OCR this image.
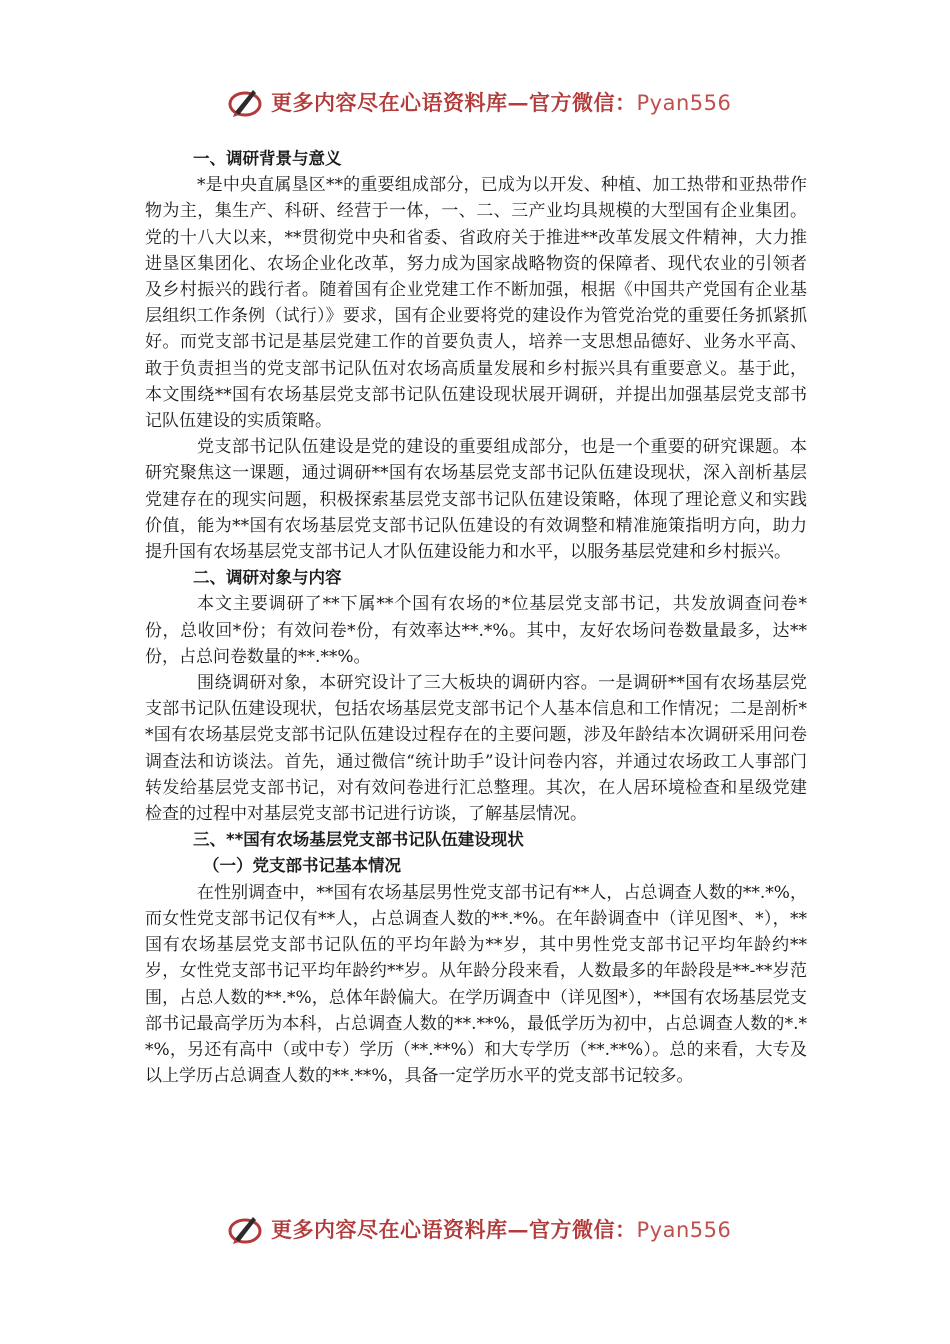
更多内容尽在心语资料库—官方微信：Pyan556
一、调研背景与意义

*是中央直属垦区**的重要组成部分，已成为以开发、种植、加工热带和亚热带作物为主，集生产、科研、经营于一体，一、二、三产业均具规模的大型国有企业集团。党的十八大以来，**贯彻党中央和省委、省政府关于推进**改革发展文件精神，大力推进垦区集团化、农场企业化改革，努力成为国家战略物资的保障者、现代农业的引领者及乡村振兴的践行者。随着国有企业党建工作不断加强，根据《中国共产党国有企业基层组织工作条例（试行）》要求，国有企业要将党的建设作为管党治党的重要任务抓紧抓好。而党支部书记是基层党建工作的首要负责人，培养一支思想品德好、业务水平高、敢于负责担当的党支部书记队伍对农场高质量发展和乡村振兴具有重要意义。基于此，本文围绕**国有农场基层党支部书记队伍建设现状展开调研，并提出加强基层党支部书记队伍建设的实质策略。

党支部书记队伍建设是党的建设的重要组成部分，也是一个重要的研究课题。本研究聚焦这一课题，通过调研**国有农场基层党支部书记队伍建设现状，深入剖析基层党建存在的现实问题，积极探索基层党支部书记队伍建设策略，体现了理论意义和实践价值，能为**国有农场基层党支部书记队伍建设的有效调整和精准施策指明方向，助力提升国有农场基层党支部书记人才队伍建设能力和水平，以服务基层党建和乡村振兴。

二、调研对象与内容

本文主要调研了**下属**个国有农场的*位基层党支部书记，共发放调查问卷*份，总收回*份；有效问卷*份，有效率达**.*%。其中，友好农场问卷数量最多，达**份，占总问卷数量的**.**%。

围绕调研对象，本研究设计了三大板块的调研内容。一是调研**国有农场基层党支部书记队伍建设现状，包括农场基层党支部书记个人基本信息和工作情况；二是剖析**国有农场基层党支部书记队伍建设过程存在的主要问题，涉及年龄结本次调研采用问卷调查法和访谈法。首先，通过微信“统计助手”设计问卷内容，并通过农场政工人事部门转发给基层党支部书记，对有效问卷进行汇总整理。其次，在人居环境检查和星级党建检查的过程中对基层党支部书记进行访谈，了解基层情况。

三、**国有农场基层党支部书记队伍建设现状
（一）党支部书记基本情况

在性别调查中，**国有农场基层男性党支部书记有**人，占总调查人数的**.*%，而女性党支部书记仅有**人，占总调查人数的**.*%。在年龄调查中（详见图*、*），**国有农场基层党支部书记队伍的平均年龄为**岁，其中男性党支部书记平均年龄约**岁，女性党支部书记平均年龄约**岁。从年龄分段来看，人数最多的年龄段是**-**岁范围，占总人数的**.*%，总体年龄偏大。在学历调查中（详见图*），**国有农场基层党支部书记最高学历为本科，占总调查人数的**.**%，最低学历为初中，占总调查人数的*.**%，另还有高中（或中专）学历（**.**%）和大专学历（**.**%）。总的来看，大专及以上学历占总调查人数的**.**%，具备一定学历水平的党支部书记较多。

更多内容尽在心语资料库—官方微信：Pyan556
